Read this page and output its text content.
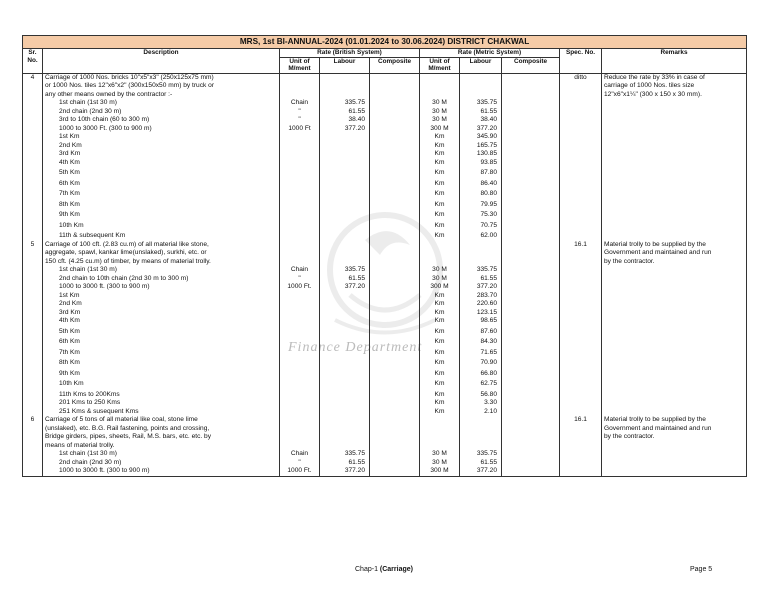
Finance Department
MRS, 1st BI-ANNUAL-2024 (01.01.2024 to 30.06.2024) DISTRICT CHAKWAL									
Sr. No.	Description	Rate (British System)			Rate (Metric System)			Spec. No.	Remarks
		Unit of M/ment	Labour	Composite	Unit of M/ment	Labour	Composite		
4	Carriage of 1000 Nos. bricks 10"x5"x3" (250x125x75 mm)							ditto	Reduce the rate by 33% in case of
	or 1000 Nos. tiles 12"x6"x2" (300x150x50 mm) by truck or								carriage of 1000 Nos. tiles size
	any other means owned by the contractor :-								12"x6"x1¼" (300 x 150 x 30 mm).
	1st chain (1st 30 m)	Chain	335.75		30 M	335.75			
	2nd chain (2nd 30 m)	"	61.55		30 M	61.55			
	3rd to 10th chain (60 to 300 m)	"	38.40		30 M	38.40			
	1000 to 3000 Ft. (300 to 900 m)	1000 Ft	377.20		300 M	377.20			
	1st Km				Km	345.90			
	2nd Km				Km	165.75			
	3rd Km				Km	130.85			
	4th Km				Km	93.85			
	5th Km				Km	87.80			
	6th Km				Km	86.40			
	7th Km				Km	80.80			
	8th Km				Km	79.95			
	9th Km				Km	75.30			
	10th Km				Km	70.75			
	11th & subsequent Km				Km	62.00			
5	Carriage of 100 cft. (2.83 cu.m) of all material like stone,							16.1	Material trolly to be supplied by the
	aggregate, spawl, kankar lime(unslaked), surkhi, etc. or								Government and maintained and run
	150 cft. (4.25 cu.m) of timber, by means of material trolly.								by the contractor.
	1st chain (1st 30 m)	Chain	335.75		30 M	335.75			
	2nd chain to 10th chain (2nd 30 m to 300 m)	"	61.55		30 M	61.55			
	1000 to 3000 ft. (300 to 900 m)	1000 Ft.	377.20		300 M	377.20			
	1st Km				Km	283.70			
	2nd Km				Km	220.60			
	3rd Km				Km	123.15			
	4th Km				Km	98.65			
	5th Km				Km	87.60			
	6th Km				Km	84.30			
	7th Km				Km	71.65			
	8th Km				Km	70.90			
	9th Km				Km	66.80			
	10th Km				Km	62.75			
	11th Kms to 200Kms				Km	56.80			
	201 Kms to 250 Kms				Km	3.30			
	251 Kms & susequent Kms				Km	2.10			
6	Carriage of 5 tons of all material like coal, stone lime							16.1	Material trolly to be supplied by the
	(unslaked), etc. B.G. Rail fastening, points and crossing,								Government and maintained and run
	Bridge girders, pipes, sheets, Rail, M.S. bars, etc. etc. by								by the contractor.
	means of material trolly.								
	1st chain (1st 30 m)	Chain	335.75		30 M	335.75			
	2nd chain (2nd 30 m)	"	61.55		30 M	61.55			
	1000 to 3000 ft. (300 to 900 m)	1000 Ft.	377.20		300 M	377.20			
Chap-1 (Carriage)	Page 5
